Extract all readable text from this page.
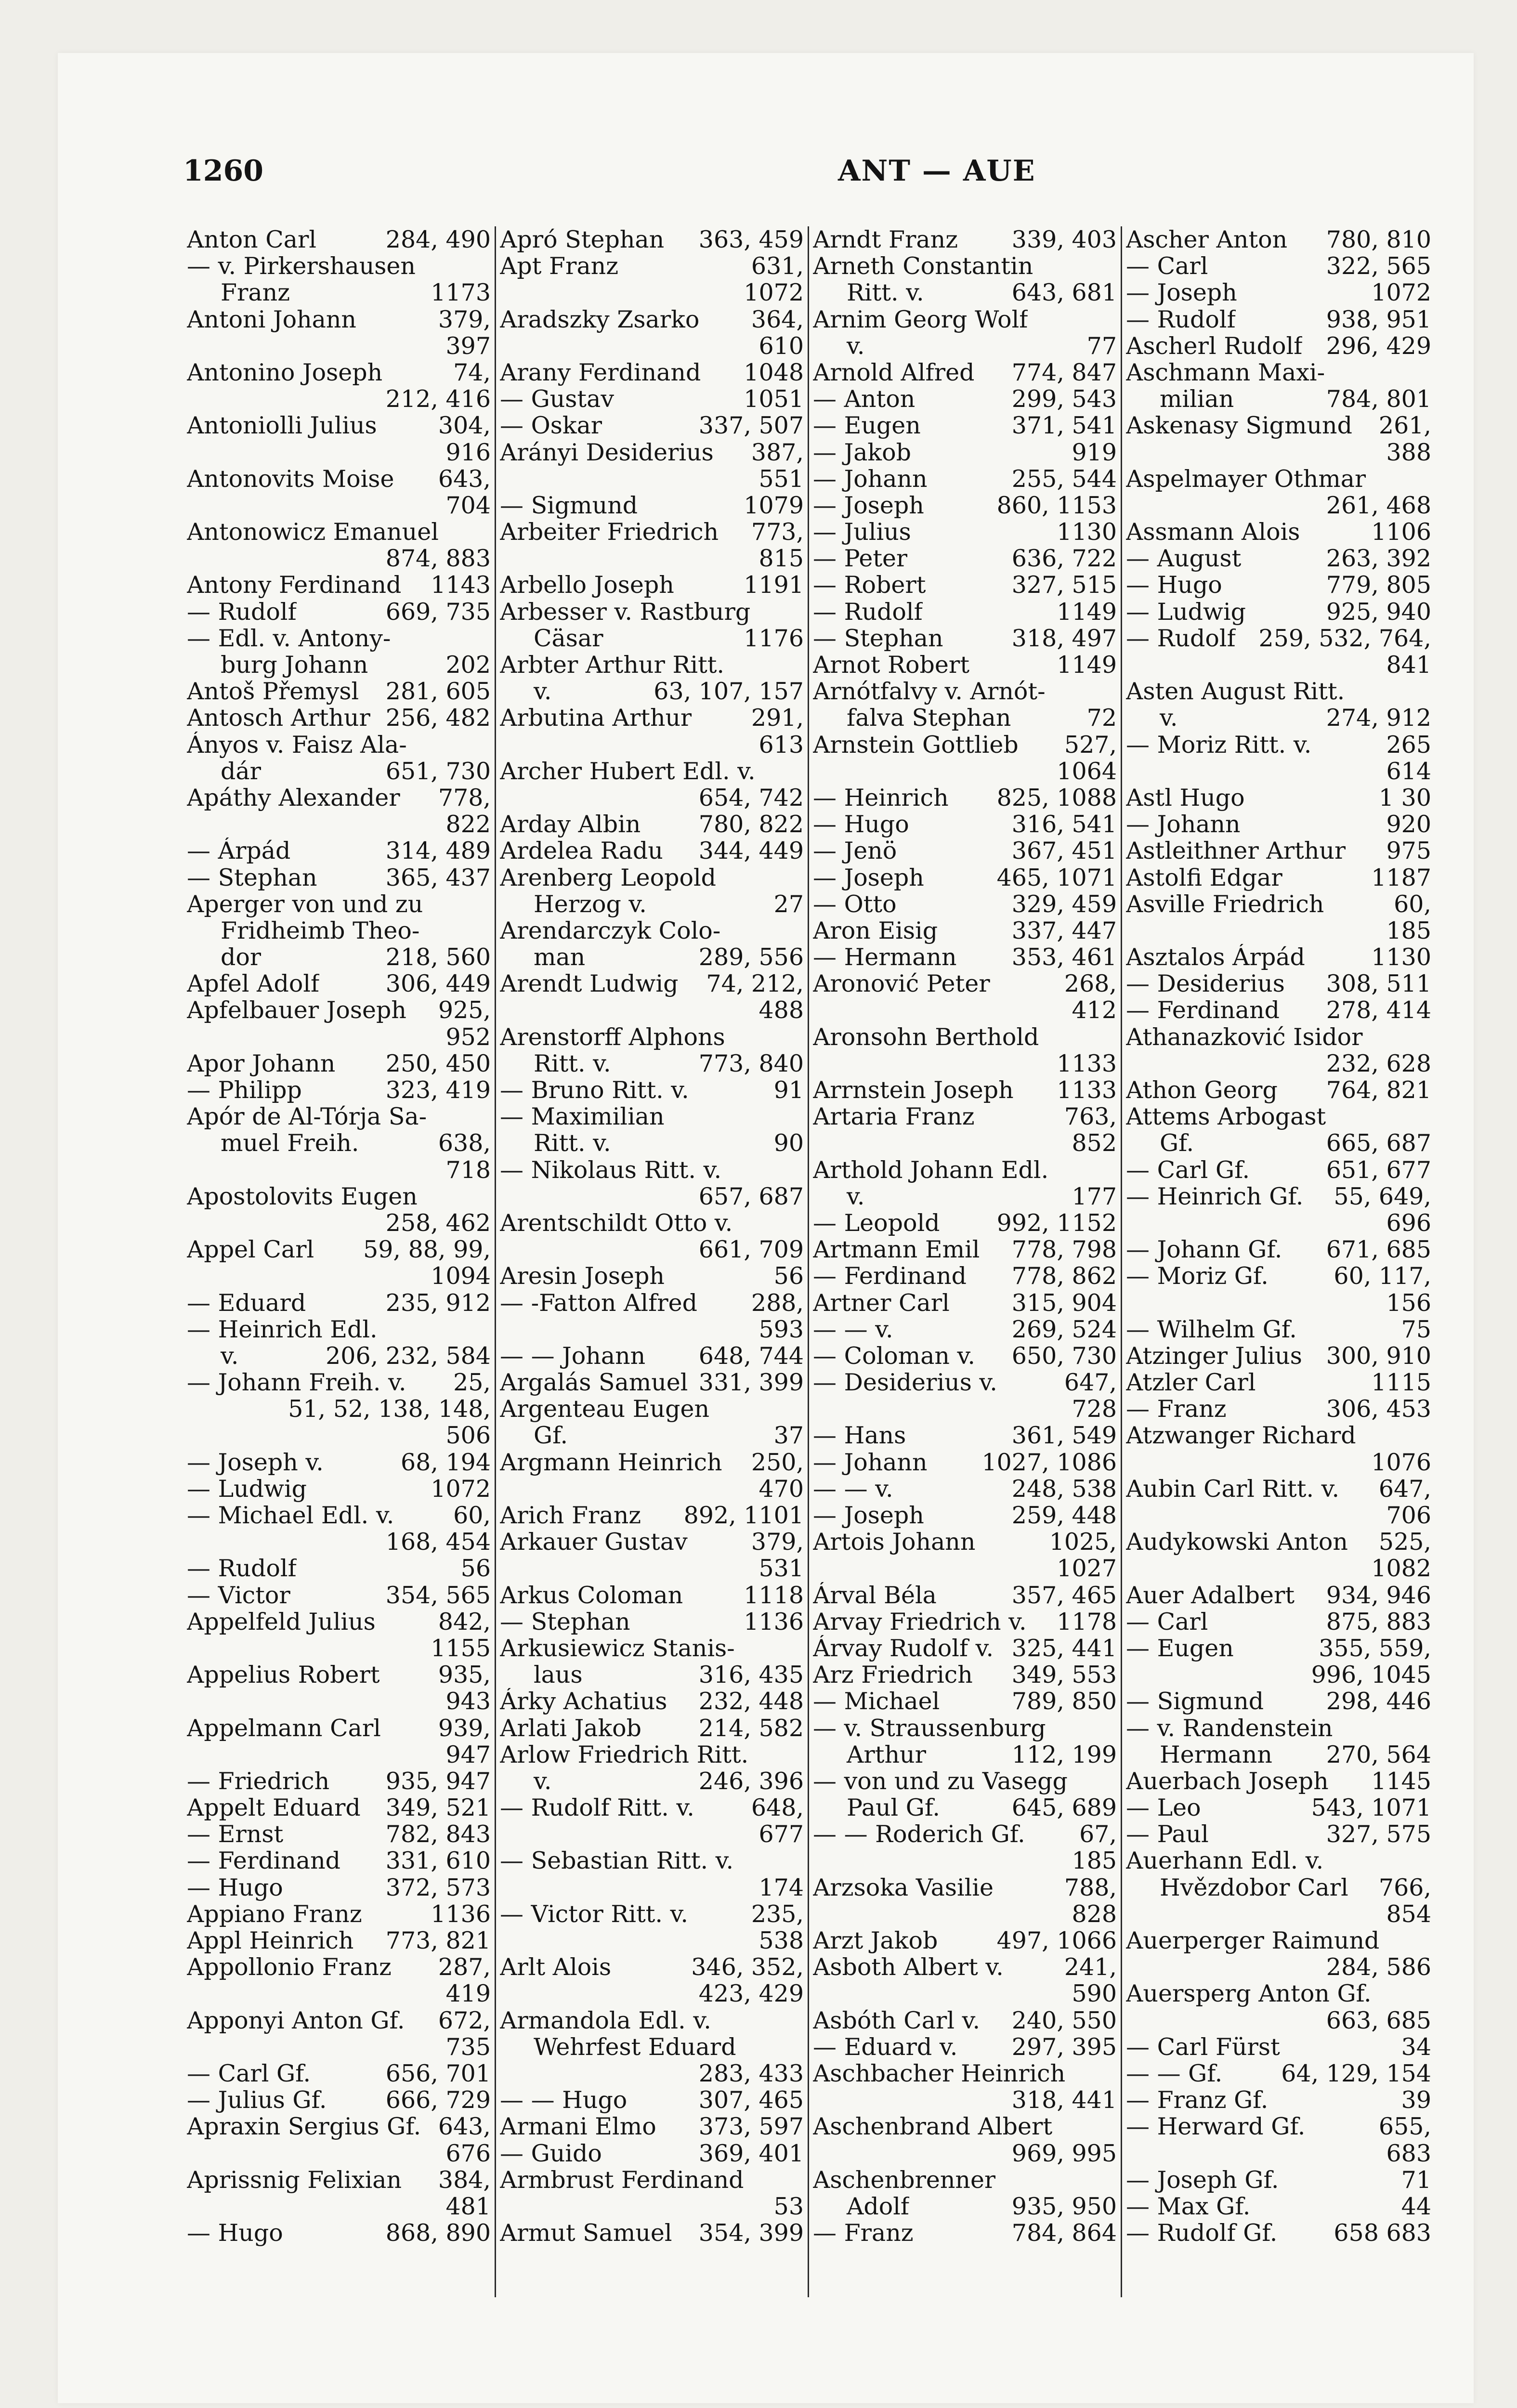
1260	ANT — AUE
Anton Carl	284, 490
— v. Pirkershausen
Franz	1173
Antoni Johann	379,
397
Antonino Joseph	74,
212, 416
Antoniolli Julius	304,
916
Antonovits Moise 643,
704
Antonowicz Emanuel
874, 883
Antony Ferdinand 1143
— Rudolf	669, 735
— Edl. v. Antony-
burg Johann	202
Antoš Přemysl 281, 605
Antosch Arthur 256, 482
Ányos v. Faisz Ala-
dár	651, 730
Apáthy Alexander 778,
822
— Árpád	314, 489
— Stephan	365, 437
Aperger von und zu
Fridheimb Theo-
dor	218, 560
Apfel Adolf	306, 449
Apfelbauer Joseph 925,
952
Apor Johann 250, 450
— Philipp	323, 419
Apór de Al-Tórja Sa-
muel Freih.	638,
718
Apostolovits Eugen
258, 462
Appel Carl 59, 88, 99,
1094
— Eduard	235, 912
— Heinrich Edl.
v.	206, 232, 584
— Johann Freih. v. 25,
51, 52, 138, 148,
506
— Joseph v.	68, 194
— Ludwig	1072
— Michael Edl. v.	60,
168, 454
— Rudolf	56
— Victor	354, 565
Appelfeld Julius	842,
1155
Appelius Robert 935,
943
Appelmann Carl 939,
947
— Friedrich 935, 947
Appelt Eduard 349, 521
— Ernst	782, 843
— Ferdinand 331, 610
— Hugo	372, 573
Appiano Franz	1136
Appl Heinrich 773, 821
Appollonio Franz 287,
419
Apponyi Anton Gf. 672,
735
— Carl Gf.	656, 701
— Julius Gf. 666, 729
Apraxin Sergius Gf. 643,
676
Aprissnig Felixian 384,
481
— Hugo	868, 890
Apró Stephan 363, 459
Apt Franz	631,
1072
Aradszky Zsarko 364,
610
Arany Ferdinand 1048
— Gustav	1051
— Oskar	337, 507
Arányi Desiderius 387,
551
— Sigmund	1079
Arbeiter Friedrich 773,
815
Arbello Joseph	1191
Arbesser v. Rastburg
Cäsar	1176
Arbter Arthur Ritt.
v.	63, 107, 157
Arbutina Arthur	291,
613
Archer Hubert Edl. v.
654, 742
Arday Albin 780, 822
Ardelea Radu 344, 449
Arenberg Leopold
Herzog v.	27
Arendarczyk Colo-
man	289, 556
Arendt Ludwig 74, 212,
488
Arenstorff Alphons
Ritt. v.	773, 840
— Bruno Ritt. v.	91
— Maximilian
Ritt. v.	90
— Nikolaus Ritt. v.
657, 687
Arentschildt Otto v.
661, 709
Aresin Joseph	56
— -Fatton Alfred 288,
593
— — Johann 648, 744
Argalás Samuel 331, 399
Argenteau Eugen
Gf.	37
Argmann Heinrich 250,
470
Arich Franz 892, 1101
Arkauer Gustav	379,
531
Arkus Coloman	1118
— Stephan	1136
Arkusiewicz Stanis-
laus	316, 435
Árky Achatius 232, 448
Arlati Jakob 214, 582
Arlow Friedrich Ritt.
v.	246, 396
— Rudolf Ritt. v. 648,
677
— Sebastian Ritt. v.
174
— Victor Ritt. v.	235,
538
Arlt Alois	346, 352,
423, 429
Armandola Edl. v.
Wehrfest Eduard
283, 433
— — Hugo	307, 465
Armani Elmo 373, 597
— Guido	369, 401
Armbrust Ferdinand
53
Armut Samuel 354, 399
Arndt Franz 339, 403
Arneth Constantin
Ritt. v.	643, 681
Arnim Georg Wolf
v.	77
Arnold Alfred 774, 847
— Anton	299, 543
— Eugen	371, 541
— Jakob	919
— Johann	255, 544
— Joseph	860, 1153
— Julius	1130
— Peter	636, 722
— Robert	327, 515
— Rudolf	1149
— Stephan	318, 497
Arnot Robert	1149
Arnótfalvy v. Arnót-
falva Stephan	72
Arnstein Gottlieb 527,
1064
— Heinrich 825, 1088
— Hugo	316, 541
— Jenö	367, 451
— Joseph	465, 1071
— Otto	329, 459
Aron Eisig	337, 447
— Hermann 353, 461
Aronović Peter	268,
412
Aronsohn Berthold
1133
Arrnstein Joseph 1133
Artaria Franz	763,
852
Arthold Johann Edl.
v.	177
— Leopold 992, 1152
Artmann Emil 778, 798
— Ferdinand 778, 862
Artner Carl	315, 904
— — v.	269, 524
— Coloman v. 650, 730
— Desiderius v.	647,
728
— Hans	361, 549
— Johann 1027, 1086
— — v.	248, 538
— Joseph	259, 448
Artois Johann	1025,
1027
Árval Béla	357, 465
Arvay Friedrich v. 1178
Árvay Rudolf v. 325, 441
Arz Friedrich 349, 553
— Michael	789, 850
— v. Straussenburg
Arthur	112, 199
— von und zu Vasegg
Paul Gf.	645, 689
— — Roderich Gf. 67,
185
Arzsoka Vasilie	788,
828
Arzt Jakob 497, 1066
Asboth Albert v.	241,
590
Asbóth Carl v. 240, 550
— Eduard v. 297, 395
Aschbacher Heinrich
318, 441
Aschenbrand Albert
969, 995
Aschenbrenner
Adolf	935, 950
— Franz	784, 864
Ascher Anton 780, 810
— Carl	322, 565
— Joseph	1072
— Rudolf	938, 951
Ascherl Rudolf 296, 429
Aschmann Maxi-
milian	784, 801
Askenasy Sigmund 261,
388
Aspelmayer Othmar
261, 468
Assmann Alois	1106
— August	263, 392
— Hugo	779, 805
— Ludwig	925, 940
— Rudolf 259, 532, 764,
841
Asten August Ritt.
v.	274, 912
— Moriz Ritt. v.	265
614
Astl Hugo	1 30
— Johann	920
Astleithner Arthur 975
Astolfi Edgar	1187
Asville Friedrich	60,
185
Asztalos Árpád	1130
— Desiderius 308, 511
— Ferdinand 278, 414
Athanazković Isidor
232, 628
Athon Georg 764, 821
Attems Arbogast
Gf.	665, 687
— Carl Gf.	651, 677
— Heinrich Gf. 55, 649,
696
— Johann Gf. 671, 685
— Moriz Gf.	60, 117,
156
— Wilhelm Gf.	75
Atzinger Julius 300, 910
Atzler Carl	1115
— Franz	306, 453
Atzwanger Richard
1076
Aubin Carl Ritt. v. 647,
706
Audykowski Anton 525,
1082
Auer Adalbert 934, 946
— Carl	875, 883
— Eugen	355, 559,
996, 1045
— Sigmund	298, 446
— v. Randenstein
Hermann 270, 564
Auerbach Joseph 1145
— Leo	543, 1071
— Paul	327, 575
Auerhann Edl. v.
Hvězdobor Carl 766,
854
Auerperger Raimund
284, 586
Auersperg Anton Gf.
663, 685
— Carl Fürst	34
— — Gf. 64, 129, 154
— Franz Gf.	39
— Herward Gf.	655,
683
— Joseph Gf.	71
— Max Gf.	44
— Rudolf Gf. 658 683
